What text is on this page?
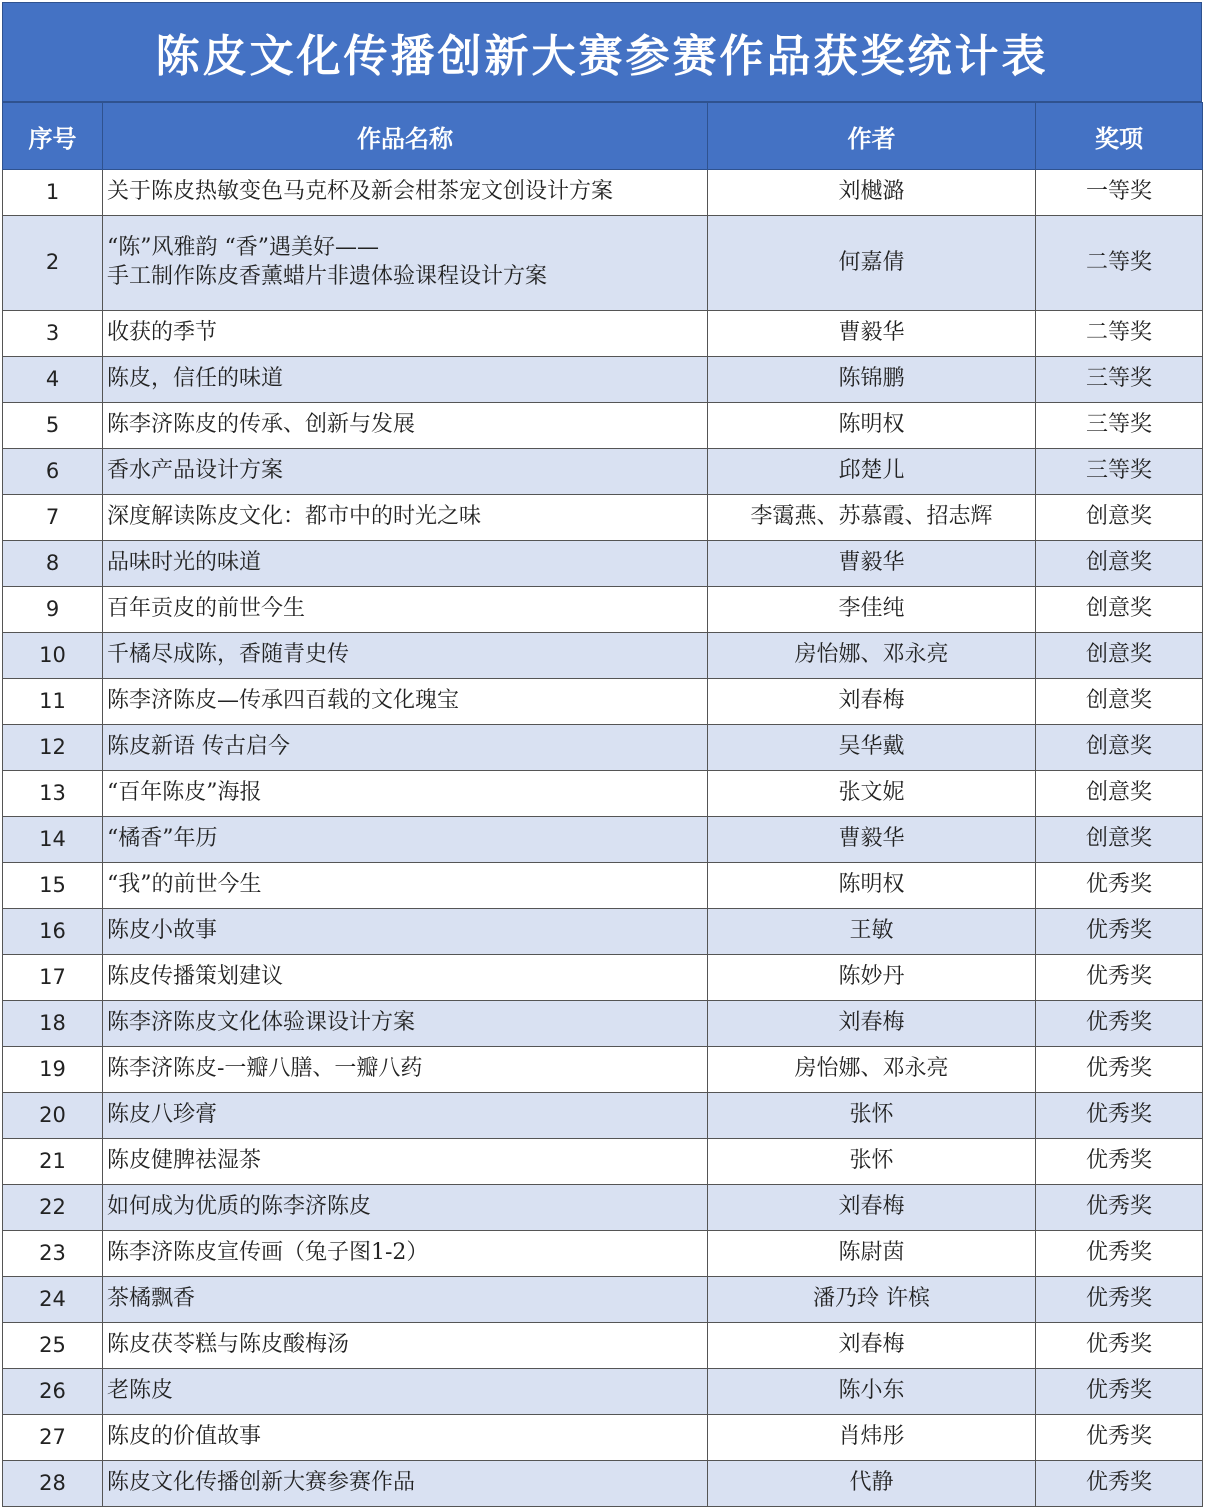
陈皮文化传播创新大赛参赛作品获奖统计表
序号	作品名称	作者	奖项
1	关于陈皮热敏变色马克杯及新会柑茶宠文创设计方案	刘樾潞	一等奖
2	“陈”风雅韵 “香”遇美好——
手工制作陈皮香薰蜡片非遗体验课程设计方案	何嘉倩	二等奖
3	收获的季节	曹毅华	二等奖
4	陈皮，信任的味道	陈锦鹏	三等奖
5	陈李济陈皮的传承、创新与发展	陈明权	三等奖
6	香水产品设计方案	邱楚儿	三等奖
7	深度解读陈皮文化：都市中的时光之味	李霭燕、苏慕霞、招志辉	创意奖
8	品味时光的味道	曹毅华	创意奖
9	百年贡皮的前世今生	李佳纯	创意奖
10	千橘尽成陈，香随青史传	房怡娜、邓永亮	创意奖
11	陈李济陈皮—传承四百载的文化瑰宝	刘春梅	创意奖
12	陈皮新语 传古启今	吴华戴	创意奖
13	“百年陈皮”海报	张文妮	创意奖
14	“橘香”年历	曹毅华	创意奖
15	“我”的前世今生	陈明权	优秀奖
16	陈皮小故事	王敏	优秀奖
17	陈皮传播策划建议	陈妙丹	优秀奖
18	陈李济陈皮文化体验课设计方案	刘春梅	优秀奖
19	陈李济陈皮-一瓣八膳、一瓣八药	房怡娜、邓永亮	优秀奖
20	陈皮八珍膏	张怀	优秀奖
21	陈皮健脾祛湿茶	张怀	优秀奖
22	如何成为优质的陈李济陈皮	刘春梅	优秀奖
23	陈李济陈皮宣传画（兔子图1-2）	陈尉茵	优秀奖
24	茶橘飘香	潘乃玲 许槟	优秀奖
25	陈皮茯苓糕与陈皮酸梅汤	刘春梅	优秀奖
26	老陈皮	陈小东	优秀奖
27	陈皮的价值故事	肖炜彤	优秀奖
28	陈皮文化传播创新大赛参赛作品	代静	优秀奖
